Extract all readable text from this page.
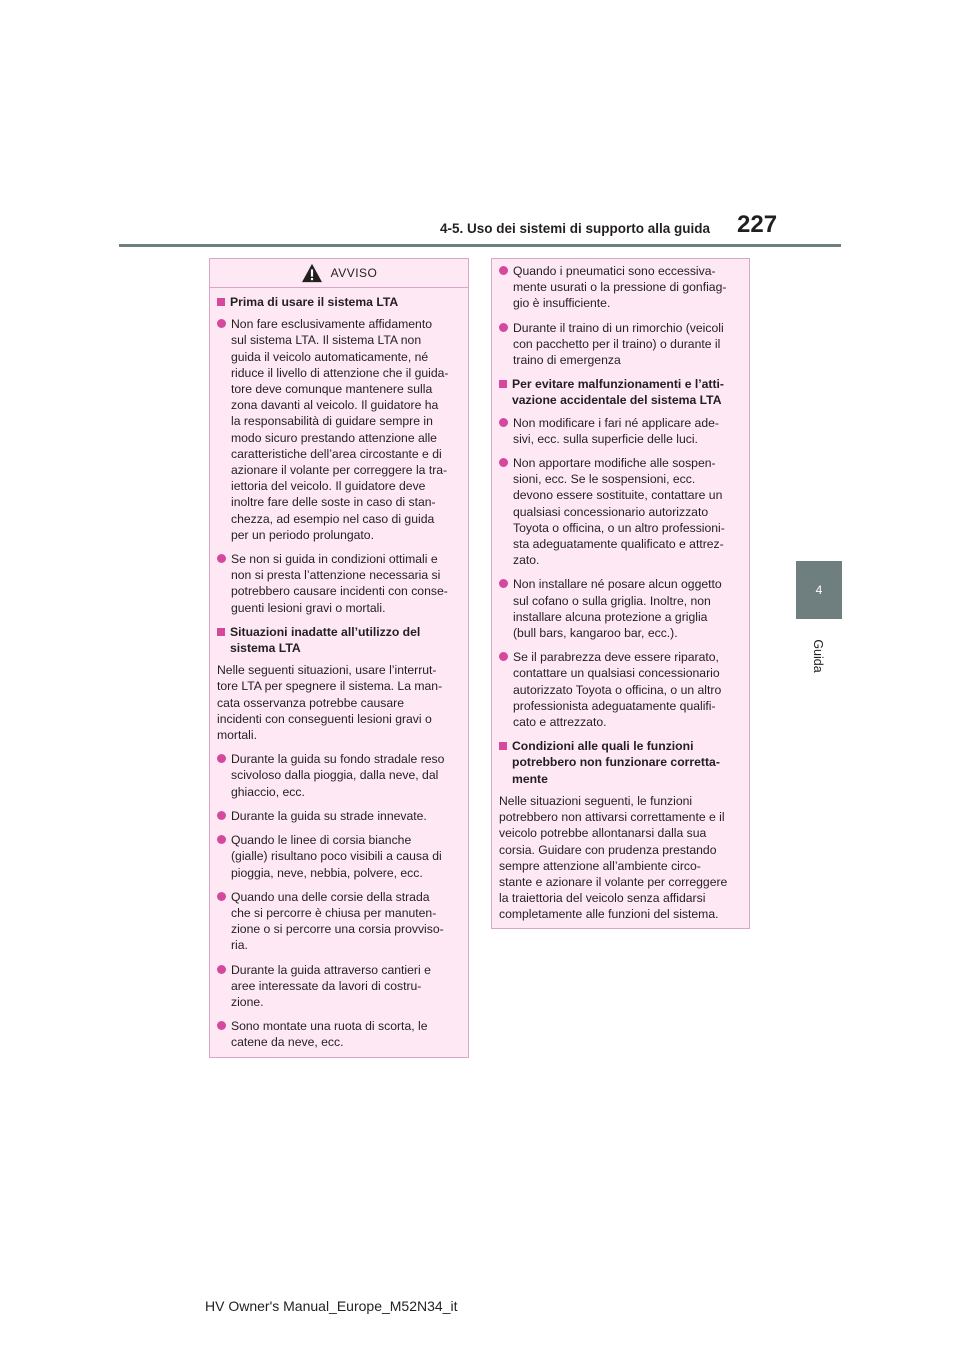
4-5. Uso dei sistemi di supporto alla guida 227
4
Guida
AVVISO
Prima di usare il sistema LTA
Non fare esclusivamente affidamento
sul sistema LTA. Il sistema LTA non
guida il veicolo automaticamente, né
riduce il livello di attenzione che il guida-
tore deve comunque mantenere sulla
zona davanti al veicolo. Il guidatore ha
la responsabilità di guidare sempre in
modo sicuro prestando attenzione alle
caratteristiche dell’area circostante e di
azionare il volante per correggere la tra-
iettoria del veicolo. Il guidatore deve
inoltre fare delle soste in caso di stan-
chezza, ad esempio nel caso di guida
per un periodo prolungato.
Se non si guida in condizioni ottimali e
non si presta l’attenzione necessaria si
potrebbero causare incidenti con conse-
guenti lesioni gravi o mortali.
Situazioni inadatte all’utilizzo del
sistema LTA
Nelle seguenti situazioni, usare l’interrut-
tore LTA per spegnere il sistema. La man-
cata osservanza potrebbe causare
incidenti con conseguenti lesioni gravi o
mortali.
Durante la guida su fondo stradale reso
scivoloso dalla pioggia, dalla neve, dal
ghiaccio, ecc.
Durante la guida su strade innevate.
Quando le linee di corsia bianche
(gialle) risultano poco visibili a causa di
pioggia, neve, nebbia, polvere, ecc.
Quando una delle corsie della strada
che si percorre è chiusa per manuten-
zione o si percorre una corsia provviso-
ria.
Durante la guida attraverso cantieri e
aree interessate da lavori di costru-
zione.
Sono montate una ruota di scorta, le
catene da neve, ecc.
Quando i pneumatici sono eccessiva-
mente usurati o la pressione di gonfiag-
gio è insufficiente.
Durante il traino di un rimorchio (veicoli
con pacchetto per il traino) o durante il
traino di emergenza
Per evitare malfunzionamenti e l’atti-
vazione accidentale del sistema LTA
Non modificare i fari né applicare ade-
sivi, ecc. sulla superficie delle luci.
Non apportare modifiche alle sospen-
sioni, ecc. Se le sospensioni, ecc.
devono essere sostituite, contattare un
qualsiasi concessionario autorizzato
Toyota o officina, o un altro professioni-
sta adeguatamente qualificato e attrez-
zato.
Non installare né posare alcun oggetto
sul cofano o sulla griglia. Inoltre, non
installare alcuna protezione a griglia
(bull bars, kangaroo bar, ecc.).
Se il parabrezza deve essere riparato,
contattare un qualsiasi concessionario
autorizzato Toyota o officina, o un altro
professionista adeguatamente qualifi-
cato e attrezzato.
Condizioni alle quali le funzioni
potrebbero non funzionare corretta-
mente
Nelle situazioni seguenti, le funzioni
potrebbero non attivarsi correttamente e il
veicolo potrebbe allontanarsi dalla sua
corsia. Guidare con prudenza prestando
sempre attenzione all’ambiente circo-
stante e azionare il volante per correggere
la traiettoria del veicolo senza affidarsi
completamente alle funzioni del sistema.
HV Owner's Manual_Europe_M52N34_it
